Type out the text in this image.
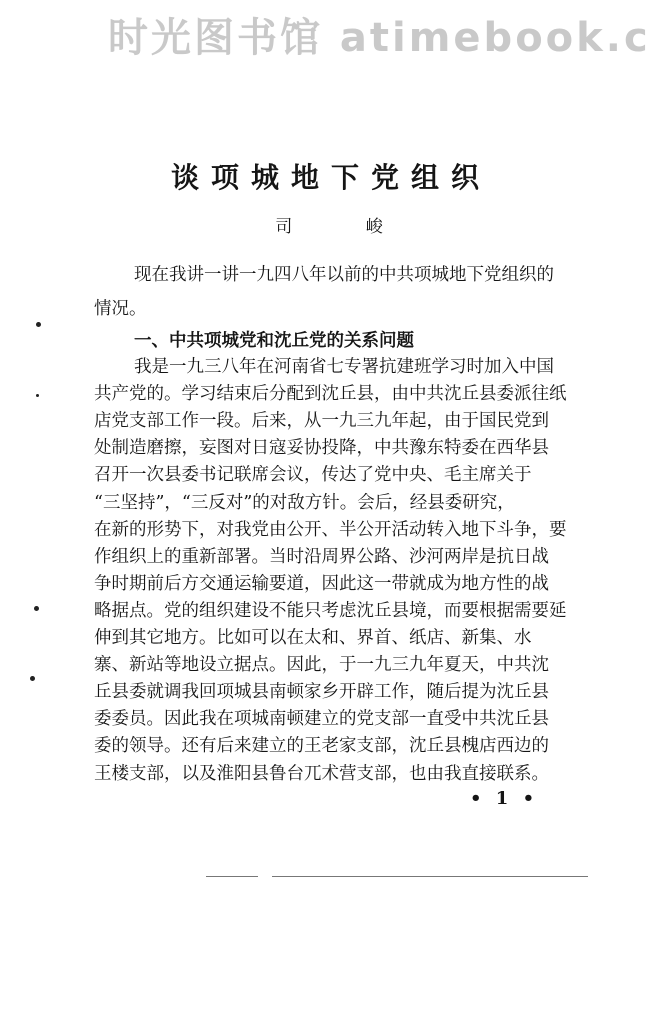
时光图书馆 atimebook.c
谈项城地下党组织
司 峻
现在我讲一讲一九四八年以前的中共项城地下党组织的
情况。
一、中共项城党和沈丘党的关系问题
我是一九三八年在河南省七专署抗建班学习时加入中国
共产党的。学习结束后分配到沈丘县，由中共沈丘县委派往纸
店党支部工作一段。后来，从一九三九年起，由于国民党到
处制造磨擦，妄图对日寇妥协投降，中共豫东特委在西华县
召开一次县委书记联席会议，传达了党中央、毛主席关于
“三坚持”，“三反对”的对敌方针。会后，经县委研究，
在新的形势下，对我党由公开、半公开活动转入地下斗争，要
作组织上的重新部署。当时沿周界公路、沙河两岸是抗日战
争时期前后方交通运输要道，因此这一带就成为地方性的战
略据点。党的组织建设不能只考虑沈丘县境，而要根据需要延
伸到其它地方。比如可以在太和、界首、纸店、新集、水
寨、新站等地设立据点。因此，于一九三九年夏天，中共沈
丘县委就调我回项城县南顿家乡开辟工作，随后提为沈丘县
委委员。因此我在项城南顿建立的党支部一直受中共沈丘县
委的领导。还有后来建立的王老家支部，沈丘县槐店西边的
王楼支部，以及淮阳县鲁台兀术营支部，也由我直接联系。
• 1 •
